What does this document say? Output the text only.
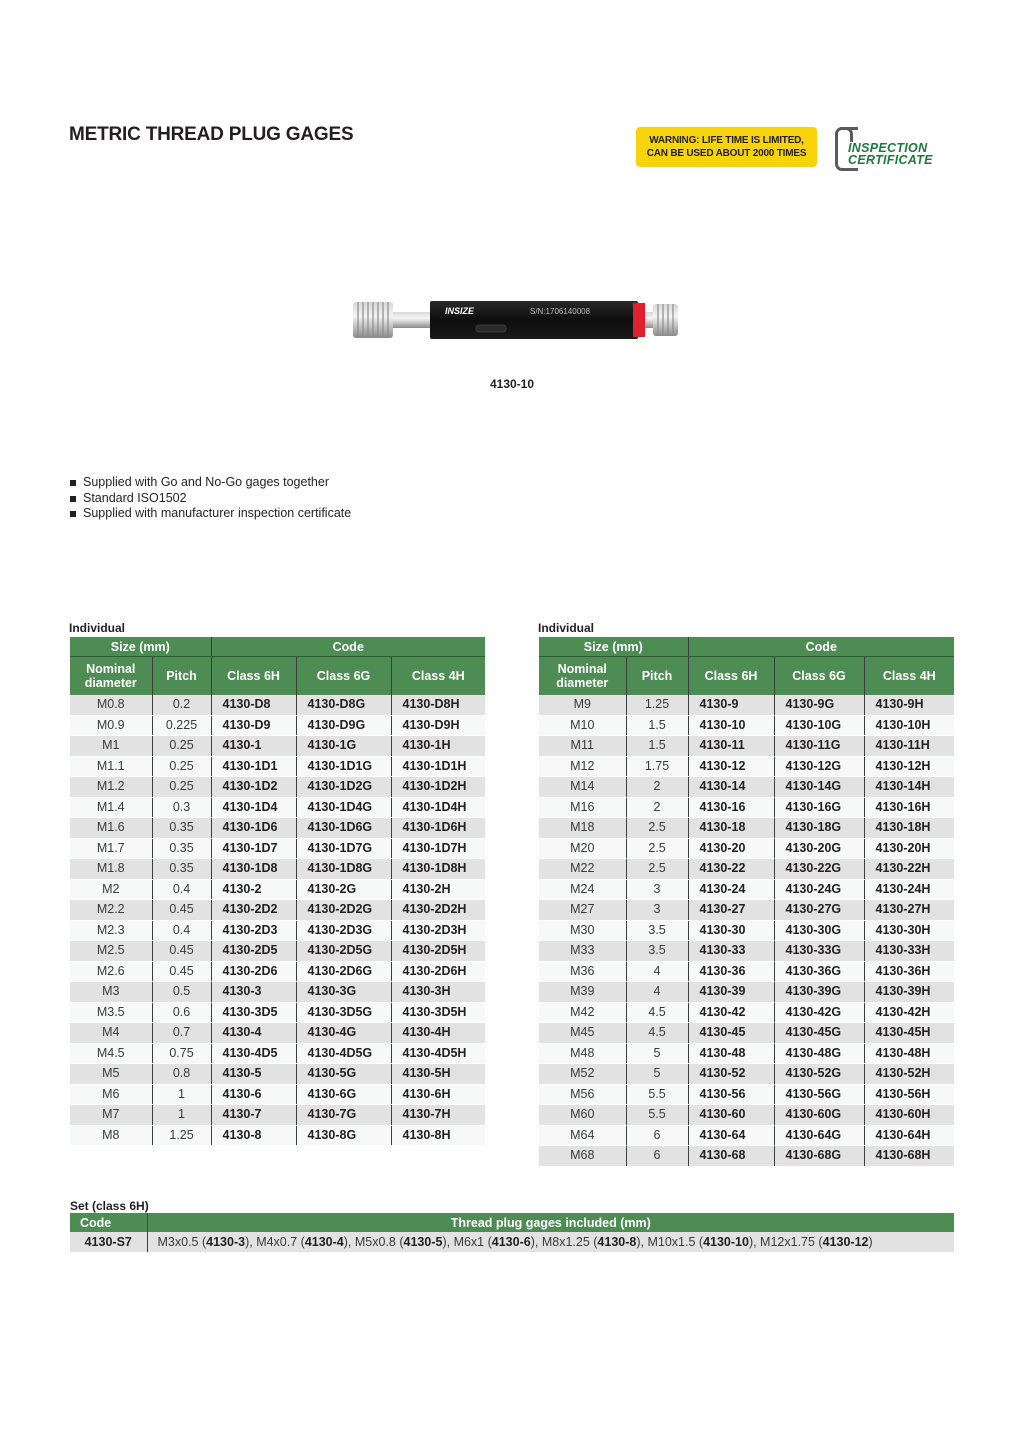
METRIC THREAD PLUG GAGES	WARNING: LIFE TIME IS LIMITED,
CAN BE USED ABOUT 2000 TIMES	INSPECTION
CERTIFICATE
INSIZE	S/N:1706140008
4130-10
Supplied with Go and No-Go gages together
Standard ISO1502
Supplied with manufacturer inspection certificate
Individual
Size (mm)		Code		
Nominal
diameter	Pitch	Class 6H	Class 6G	Class 4H
M0.8	0.2	4130-D8	4130-D8G	4130-D8H
M0.9	0.225	4130-D9	4130-D9G	4130-D9H
M1	0.25	4130-1	4130-1G	4130-1H
M1.1	0.25	4130-1D1	4130-1D1G	4130-1D1H
M1.2	0.25	4130-1D2	4130-1D2G	4130-1D2H
M1.4	0.3	4130-1D4	4130-1D4G	4130-1D4H
M1.6	0.35	4130-1D6	4130-1D6G	4130-1D6H
M1.7	0.35	4130-1D7	4130-1D7G	4130-1D7H
M1.8	0.35	4130-1D8	4130-1D8G	4130-1D8H
M2	0.4	4130-2	4130-2G	4130-2H
M2.2	0.45	4130-2D2	4130-2D2G	4130-2D2H
M2.3	0.4	4130-2D3	4130-2D3G	4130-2D3H
M2.5	0.45	4130-2D5	4130-2D5G	4130-2D5H
M2.6	0.45	4130-2D6	4130-2D6G	4130-2D6H
M3	0.5	4130-3	4130-3G	4130-3H
M3.5	0.6	4130-3D5	4130-3D5G	4130-3D5H
M4	0.7	4130-4	4130-4G	4130-4H
M4.5	0.75	4130-4D5	4130-4D5G	4130-4D5H
M5	0.8	4130-5	4130-5G	4130-5H
M6	1	4130-6	4130-6G	4130-6H
M7	1	4130-7	4130-7G	4130-7H
M8	1.25	4130-8	4130-8G	4130-8H
Individual
Size (mm)		Code		
Nominal
diameter	Pitch	Class 6H	Class 6G	Class 4H
M9	1.25	4130-9	4130-9G	4130-9H
M10	1.5	4130-10	4130-10G	4130-10H
M11	1.5	4130-11	4130-11G	4130-11H
M12	1.75	4130-12	4130-12G	4130-12H
M14	2	4130-14	4130-14G	4130-14H
M16	2	4130-16	4130-16G	4130-16H
M18	2.5	4130-18	4130-18G	4130-18H
M20	2.5	4130-20	4130-20G	4130-20H
M22	2.5	4130-22	4130-22G	4130-22H
M24	3	4130-24	4130-24G	4130-24H
M27	3	4130-27	4130-27G	4130-27H
M30	3.5	4130-30	4130-30G	4130-30H
M33	3.5	4130-33	4130-33G	4130-33H
M36	4	4130-36	4130-36G	4130-36H
M39	4	4130-39	4130-39G	4130-39H
M42	4.5	4130-42	4130-42G	4130-42H
M45	4.5	4130-45	4130-45G	4130-45H
M48	5	4130-48	4130-48G	4130-48H
M52	5	4130-52	4130-52G	4130-52H
M56	5.5	4130-56	4130-56G	4130-56H
M60	5.5	4130-60	4130-60G	4130-60H
M64	6	4130-64	4130-64G	4130-64H
M68	6	4130-68	4130-68G	4130-68H
Set (class 6H)
Code	Thread plug gages included (mm)
4130-S7	M3x0.5 (4130-3), M4x0.7 (4130-4), M5x0.8 (4130-5), M6x1 (4130-6), M8x1.25 (4130-8), M10x1.5 (4130-10), M12x1.75 (4130-12)
